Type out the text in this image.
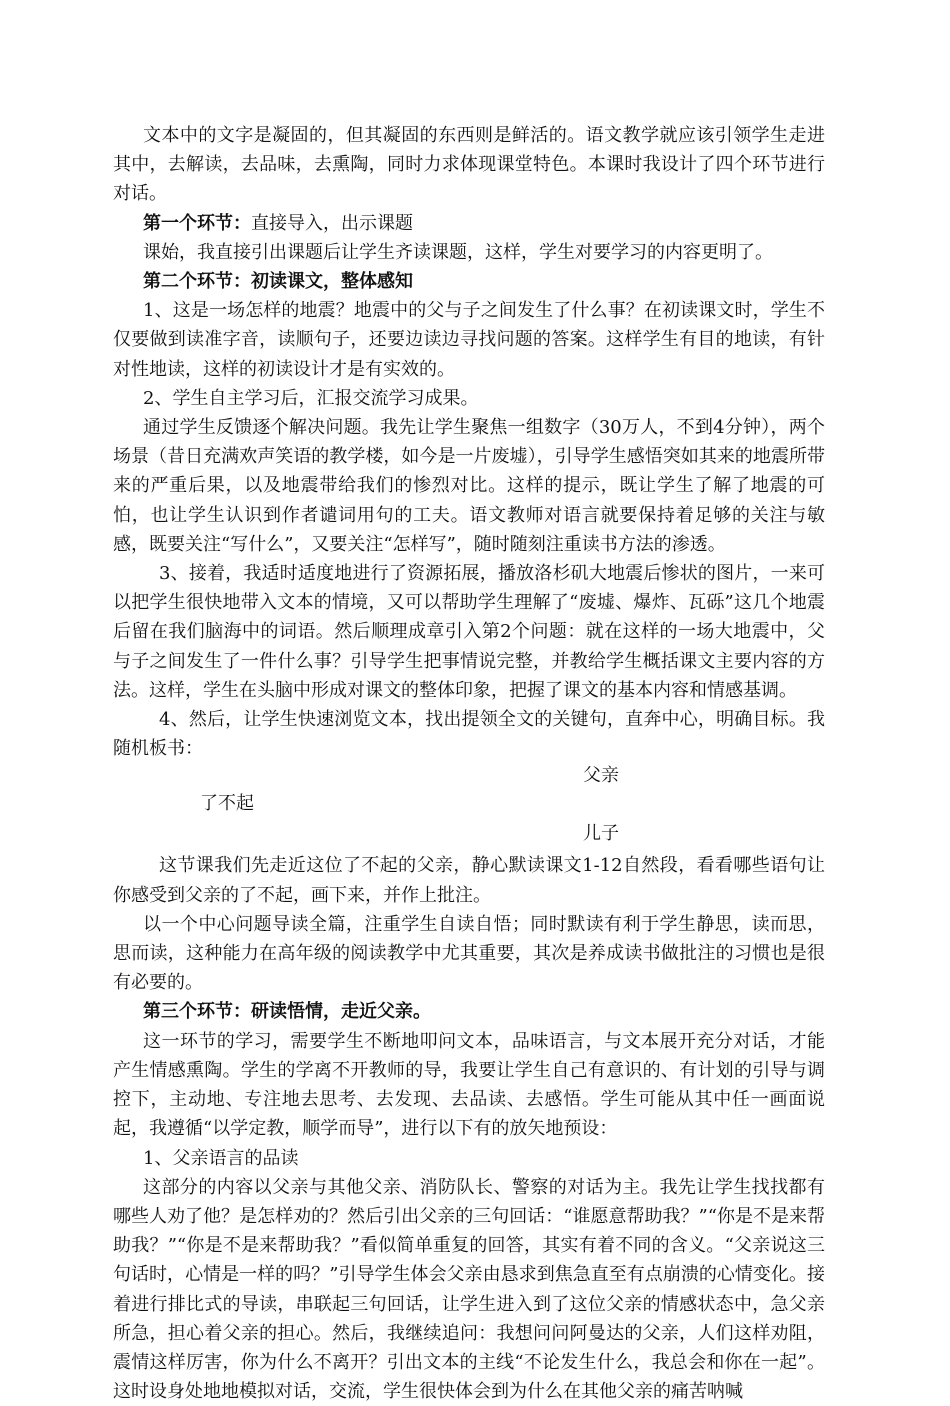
文本中的文字是凝固的，但其凝固的东西则是鲜活的。语文教学就应该引领学生走进其中，去解读，去品味，去熏陶，同时力求体现课堂特色。本课时我设计了四个环节进行对话。

第一个环节：直接导入，出示课题

课始，我直接引出课题后让学生齐读课题，这样，学生对要学习的内容更明了。

第二个环节：初读课文，整体感知

1、这是一场怎样的地震？地震中的父与子之间发生了什么事？在初读课文时，学生不仅要做到读准字音，读顺句子，还要边读边寻找问题的答案。这样学生有目的地读，有针对性地读，这样的初读设计才是有实效的。

2、学生自主学习后，汇报交流学习成果。

通过学生反馈逐个解决问题。我先让学生聚焦一组数字（30万人，不到4分钟），两个场景（昔日充满欢声笑语的教学楼，如今是一片废墟），引导学生感悟突如其来的地震所带来的严重后果，以及地震带给我们的惨烈对比。这样的提示，既让学生了解了地震的可怕，也让学生认识到作者谴词用句的工夫。语文教师对语言就要保持着足够的关注与敏感，既要关注“写什么”，又要关注“怎样写”，随时随刻注重读书方法的渗透。

3、接着，我适时适度地进行了资源拓展，播放洛杉矶大地震后惨状的图片，一来可以把学生很快地带入文本的情境，又可以帮助学生理解了“废墟、爆炸、瓦砾”这几个地震后留在我们脑海中的词语。然后顺理成章引入第2个问题：就在这样的一场大地震中，父与子之间发生了一件什么事？引导学生把事情说完整，并教给学生概括课文主要内容的方法。这样，学生在头脑中形成对课文的整体印象，把握了课文的基本内容和情感基调。

4、然后，让学生快速浏览文本，找出提领全文的关键句，直奔中心，明确目标。我随机板书：

父亲
了不起
儿子

这节课我们先走近这位了不起的父亲，静心默读课文1-12自然段，看看哪些语句让你感受到父亲的了不起，画下来，并作上批注。

以一个中心问题导读全篇，注重学生自读自悟；同时默读有利于学生静思，读而思，思而读，这种能力在高年级的阅读教学中尤其重要，其次是养成读书做批注的习惯也是很有必要的。

第三个环节：研读悟情，走近父亲。

这一环节的学习，需要学生不断地叩问文本，品味语言，与文本展开充分对话，才能产生情感熏陶。学生的学离不开教师的导，我要让学生自己有意识的、有计划的引导与调控下，主动地、专注地去思考、去发现、去品读、去感悟。学生可能从其中任一画面说起，我遵循“以学定教，顺学而导”，进行以下有的放矢地预设：

1、父亲语言的品读

这部分的内容以父亲与其他父亲、消防队长、警察的对话为主。我先让学生找找都有哪些人劝了他？是怎样劝的？然后引出父亲的三句回话：“谁愿意帮助我？”“你是不是来帮助我？”“你是不是来帮助我？”看似简单重复的回答，其实有着不同的含义。“父亲说这三句话时，心情是一样的吗？”引导学生体会父亲由恳求到焦急直至有点崩溃的心情变化。接着进行排比式的导读，串联起三句回话，让学生进入到了这位父亲的情感状态中，急父亲所急，担心着父亲的担心。然后，我继续追问：我想问问阿曼达的父亲，人们这样劝阻，震情这样厉害，你为什么不离开？引出文本的主线“不论发生什么，我总会和你在一起”。这时设身处地地模拟对话，交流，学生很快体会到为什么在其他父亲的痛苦呐喊
